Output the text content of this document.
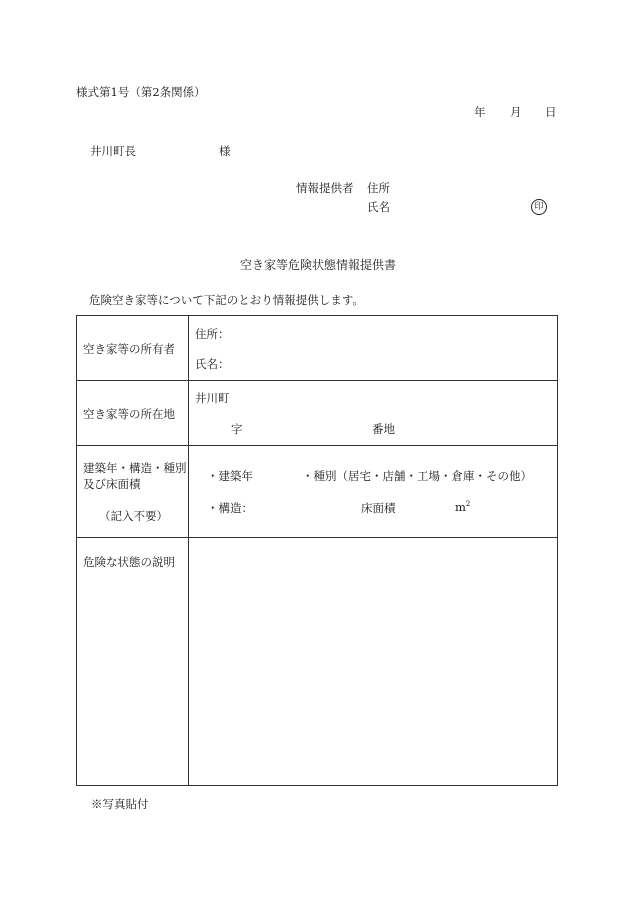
様式第1号（第2条関係）
年 月 日
井川町長	様
情報提供者 住所
氏名	印
空き家等危険状態情報提供書
危険空き家等について下記のとおり情報提供します。
空き家等の所有者	住所：
氏名：

空き家等の所在地	井川町
字 番地

建築年・構造・種別
及び床面積
（記入不要）	・建築年 ・種別（居宅・店舗・工場・倉庫・その他）
・構造： 床面積 $m^2$

危険な状態の説明	

※写真貼付
